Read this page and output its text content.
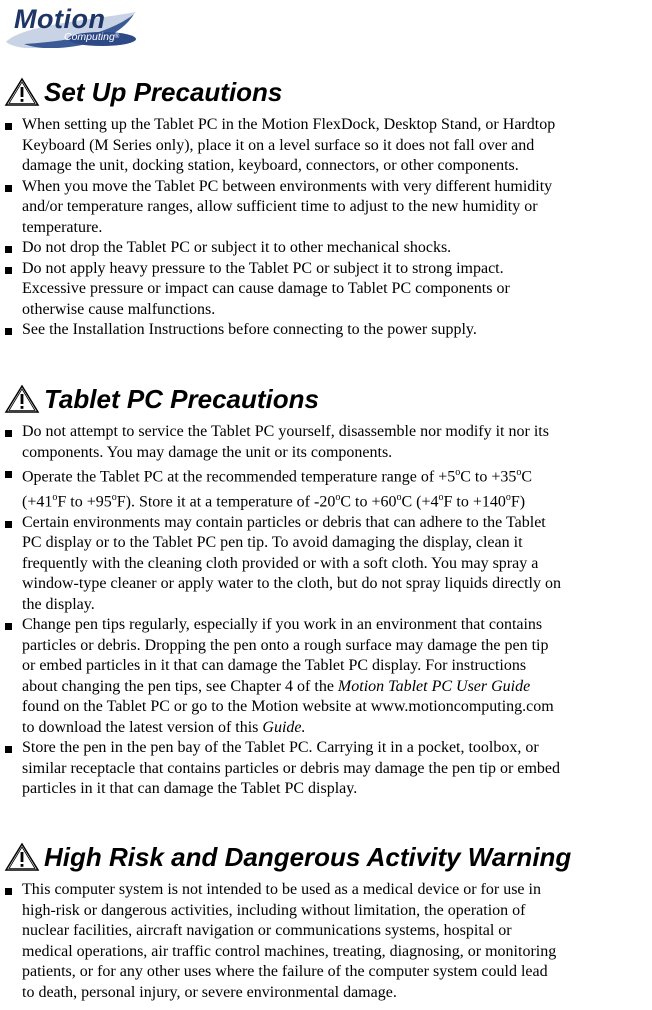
Motion
Computing®
Set Up Precautions
When setting up the Tablet PC in the Motion FlexDock, Desktop Stand, or Hardtop
Keyboard (M Series only), place it on a level surface so it does not fall over and
damage the unit, docking station, keyboard, connectors, or other components.
When you move the Tablet PC between environments with very different humidity
and/or temperature ranges, allow sufficient time to adjust to the new humidity or
temperature.
Do not drop the Tablet PC or subject it to other mechanical shocks.
Do not apply heavy pressure to the Tablet PC or subject it to strong impact.
Excessive pressure or impact can cause damage to Tablet PC components or
otherwise cause malfunctions.
See the Installation Instructions before connecting to the power supply.
Tablet PC Precautions
Do not attempt to service the Tablet PC yourself, disassemble nor modify it nor its
components. You may damage the unit or its components.
Operate the Tablet PC at the recommended temperature range of $+5^oC$ to $+35^oC$
($+41^oF$ to $+95^oF$). Store it at a temperature of -20$^o$C to $+60^oC$ ($+4^oF$ to $+140^oF$)
Certain environments may contain particles or debris that can adhere to the Tablet
PC display or to the Tablet PC pen tip. To avoid damaging the display, clean it
frequently with the cleaning cloth provided or with a soft cloth. You may spray a
window-type cleaner or apply water to the cloth, but do not spray liquids directly on
the display.
Change pen tips regularly, especially if you work in an environment that contains
particles or debris. Dropping the pen onto a rough surface may damage the pen tip
or embed particles in it that can damage the Tablet PC display. For instructions
about changing the pen tips, see Chapter 4 of the Motion Tablet PC User Guide
found on the Tablet PC or go to the Motion website at www.motioncomputing.com
to download the latest version of this Guide.
Store the pen in the pen bay of the Tablet PC. Carrying it in a pocket, toolbox, or
similar receptacle that contains particles or debris may damage the pen tip or embed
particles in it that can damage the Tablet PC display.
High Risk and Dangerous Activity Warning
This computer system is not intended to be used as a medical device or for use in
high-risk or dangerous activities, including without limitation, the operation of
nuclear facilities, aircraft navigation or communications systems, hospital or
medical operations, air traffic control machines, treating, diagnosing, or monitoring
patients, or for any other uses where the failure of the computer system could lead
to death, personal injury, or severe environmental damage.
